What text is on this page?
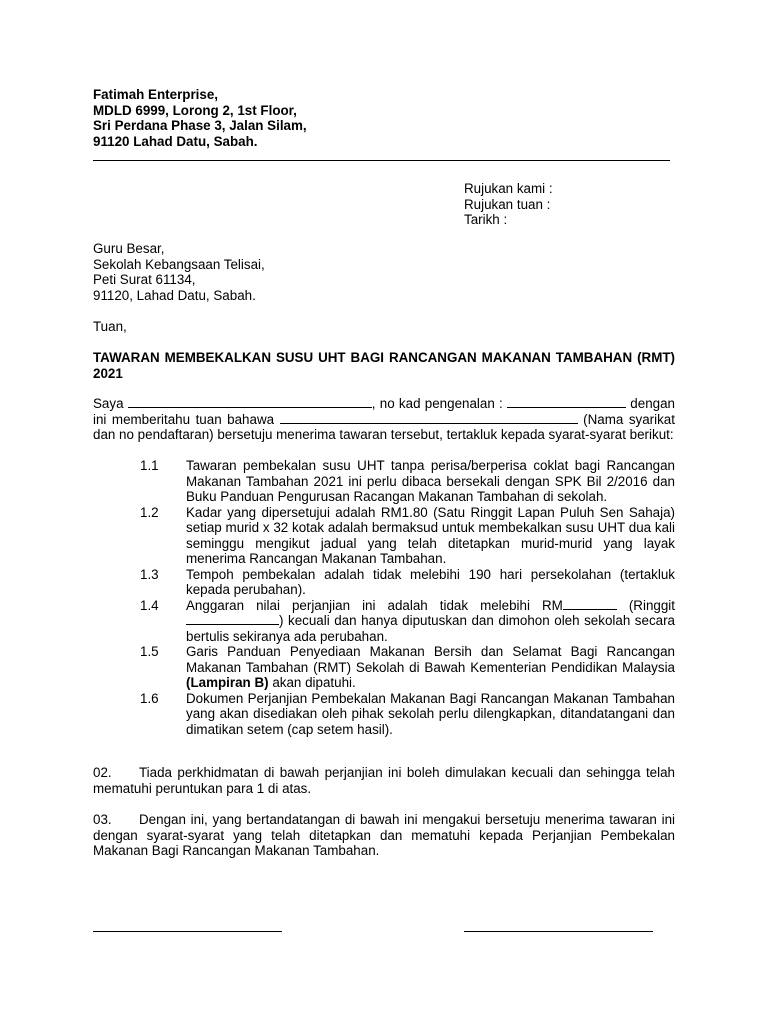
Fatimah Enterprise,
MDLD 6999, Lorong 2, 1st Floor,
Sri Perdana Phase 3, Jalan Silam,
91120 Lahad Datu, Sabah.
Rujukan kami :
Rujukan tuan :
Tarikh :
Guru Besar,
Sekolah Kebangsaan Telisai,
Peti Surat 61134,
91120, Lahad Datu, Sabah.
Tuan,
TAWARAN MEMBEKALKAN SUSU UHT BAGI RANCANGAN MAKANAN TAMBAHAN (RMT) 2021
Saya	, no kad pengenalan :	dengan ini memberitahu tuan bahawa	(Nama syarikat dan no pendaftaran) bersetuju menerima tawaran tersebut, tertakluk kepada syarat-syarat berikut:
1.1	Tawaran pembekalan susu UHT tanpa perisa/berperisa coklat bagi Rancangan Makanan Tambahan 2021 ini perlu dibaca bersekali dengan SPK Bil 2/2016 dan Buku Panduan Pengurusan Racangan Makanan Tambahan di sekolah.
1.2	Kadar yang dipersetujui adalah RM1.80 (Satu Ringgit Lapan Puluh Sen Sahaja) setiap murid x 32 kotak adalah bermaksud untuk membekalkan susu UHT dua kali seminggu mengikut jadual yang telah ditetapkan murid-murid yang layak menerima Rancangan Makanan Tambahan.
1.3	Tempoh pembekalan adalah tidak melebihi 190 hari persekolahan (tertakluk kepada perubahan).
1.4	Anggaran nilai perjanjian ini adalah tidak melebihi RM	(Ringgit ) kecuali dan hanya diputuskan dan dimohon oleh sekolah secara bertulis sekiranya ada perubahan.
1.5	Garis Panduan Penyediaan Makanan Bersih dan Selamat Bagi Rancangan Makanan Tambahan (RMT) Sekolah di Bawah Kementerian Pendidikan Malaysia (Lampiran B) akan dipatuhi.
1.6	Dokumen Perjanjian Pembekalan Makanan Bagi Rancangan Makanan Tambahan yang akan disediakan oleh pihak sekolah perlu dilengkapkan, ditandatangani dan dimatikan setem (cap setem hasil).
02. Tiada perkhidmatan di bawah perjanjian ini boleh dimulakan kecuali dan sehingga telah mematuhi peruntukan para 1 di atas.
03. Dengan ini, yang bertandatangan di bawah ini mengakui bersetuju menerima tawaran ini dengan syarat-syarat yang telah ditetapkan dan mematuhi kepada Perjanjian Pembekalan Makanan Bagi Rancangan Makanan Tambahan.
